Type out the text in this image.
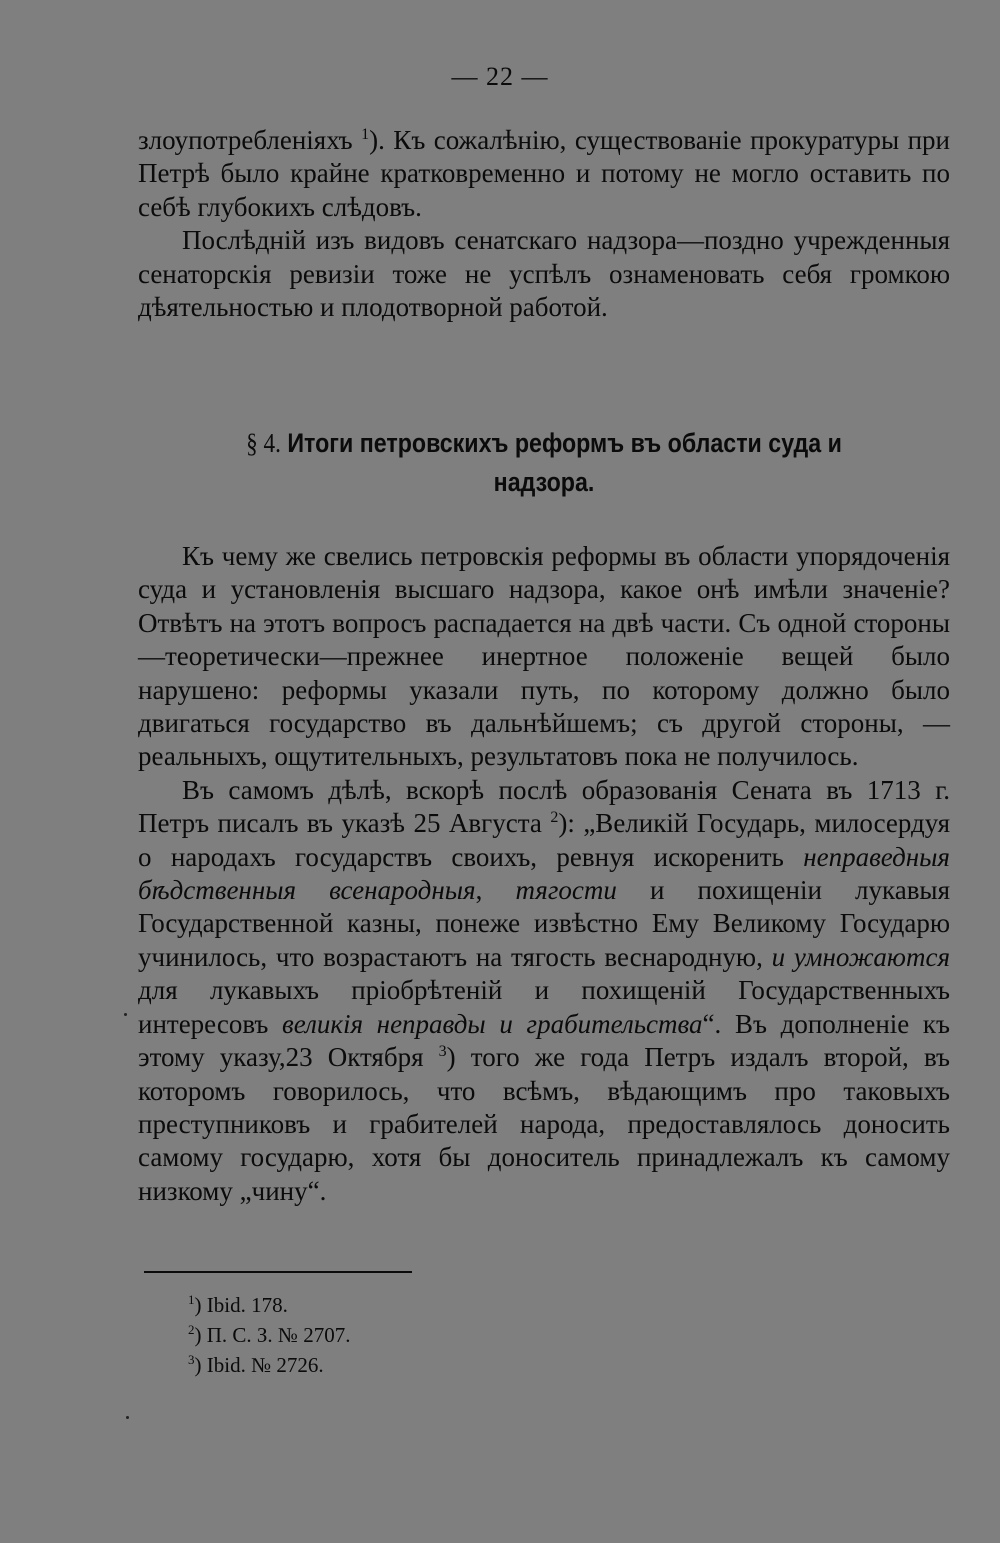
— 22 —

злоупотребленіяхъ $^1$). Къ сожалѣнію, существованіе прокуратуры при Петрѣ было крайне кратковременно и потому не могло оставить по себѣ глубокихъ слѣдовъ.

Послѣдній изъ видовъ сенатскаго надзора—поздно учрежденныя сенаторскія ревизіи тоже не успѣлъ ознаменовать себя громкою дѣятельностью и плодотворной работой.

§ 4. Итоги петровскихъ реформъ въ области суда и надзора.

Къ чему же свелись петровскія реформы въ области упорядоченія суда и установленія высшаго надзора, какое онѣ имѣли значеніе? Отвѣтъ на этотъ вопросъ распадается на двѣ части. Съ одной стороны—теоретически—прежнее инертное положеніе вещей было нарушено: реформы указали путь, по которому должно было двигаться государство въ дальнѣйшемъ; съ другой стороны, — реальныхъ, ощутительныхъ, результатовъ пока не получилось.

Въ самомъ дѣлѣ, вскорѣ послѣ образованія Сената въ 1713 г. Петръ писалъ въ указѣ 25 Августа $^2$): „Великій Государь, милосердуя о народахъ государствъ своихъ, ревнуя искоренить неправедныя бѣдственныя всенародныя, тягости и похищеніи лукавыя Государственной казны, понеже извѣстно Ему Великому Государю учинилось, что возрастаютъ на тягость веснародную, и умножаются для лукавыхъ пріобрѣтеній и похищеній Государственныхъ интересовъ великія неправды и грабительства“. Въ дополненіе къ этому указу,23 Октября $^3$) того же года Петръ издалъ второй, въ которомъ говорилось, что всѣмъ, вѣдающимъ про таковыхъ преступниковъ и грабителей народа, предоставлялось доносить самому государю, хотя бы доноситель принадлежалъ къ самому низкому „чину“.

$^1$) Ibid. 178.
$^2$) П. С. З. № 2707.
$^3$) Ibid. № 2726.
